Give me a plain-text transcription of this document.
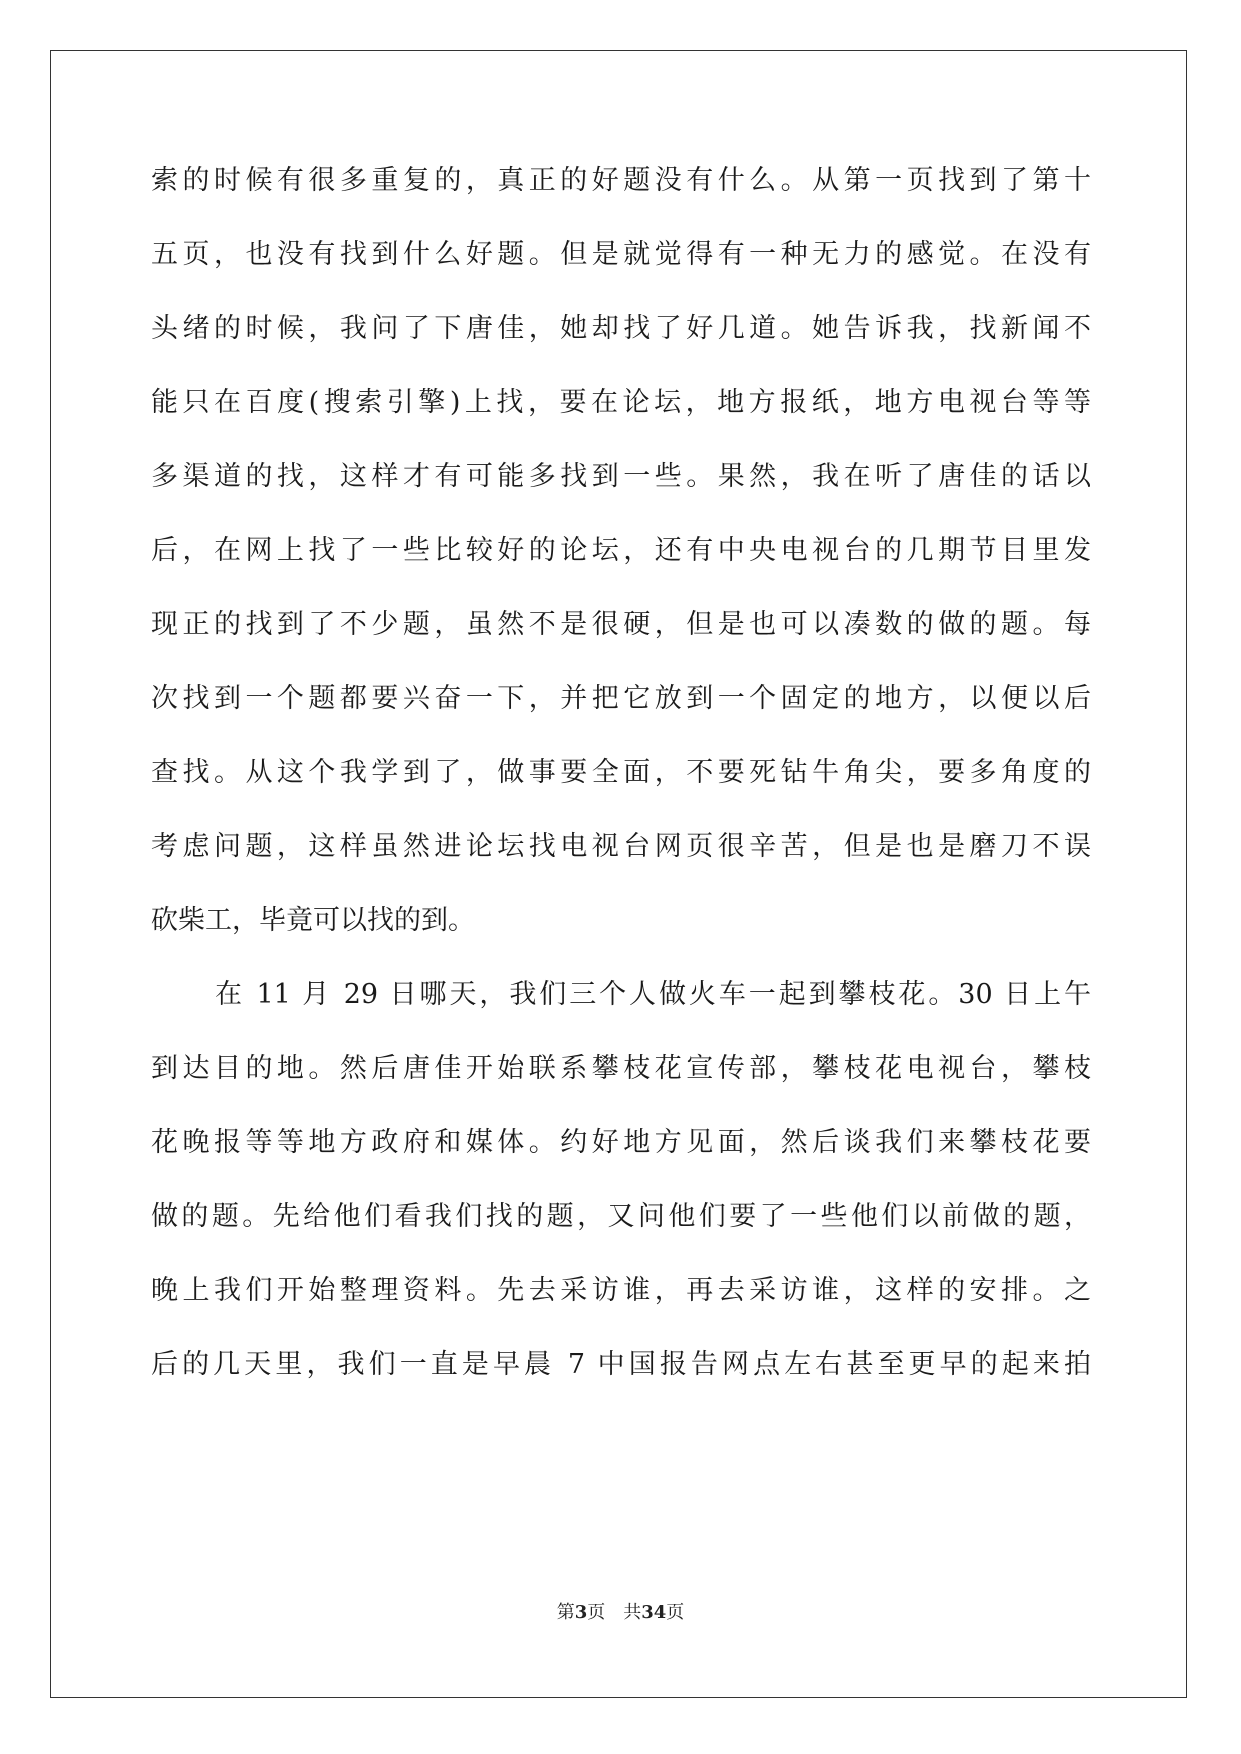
索的时候有很多重复的，真正的好题没有什么。从第一页找到了第十
五页，也没有找到什么好题。但是就觉得有一种无力的感觉。在没有
头绪的时候，我问了下唐佳，她却找了好几道。她告诉我，找新闻不
能只在百度(搜索引擎)上找，要在论坛，地方报纸，地方电视台等等
多渠道的找，这样才有可能多找到一些。果然，我在听了唐佳的话以
后，在网上找了一些比较好的论坛，还有中央电视台的几期节目里发
现正的找到了不少题，虽然不是很硬，但是也可以凑数的做的题。每
次找到一个题都要兴奋一下，并把它放到一个固定的地方，以便以后
查找。从这个我学到了，做事要全面，不要死钻牛角尖，要多角度的
考虑问题，这样虽然进论坛找电视台网页很辛苦，但是也是磨刀不误
砍柴工，毕竟可以找的到。
在 11 月 29 日哪天，我们三个人做火车一起到攀枝花。30 日上午
到达目的地。然后唐佳开始联系攀枝花宣传部，攀枝花电视台，攀枝
花晚报等等地方政府和媒体。约好地方见面，然后谈我们来攀枝花要
做的题。先给他们看我们找的题，又问他们要了一些他们以前做的题，
晚上我们开始整理资料。先去采访谁，再去采访谁，这样的安排。之
后的几天里，我们一直是早晨 7 中国报告网点左右甚至更早的起来拍
第3页 共34页
